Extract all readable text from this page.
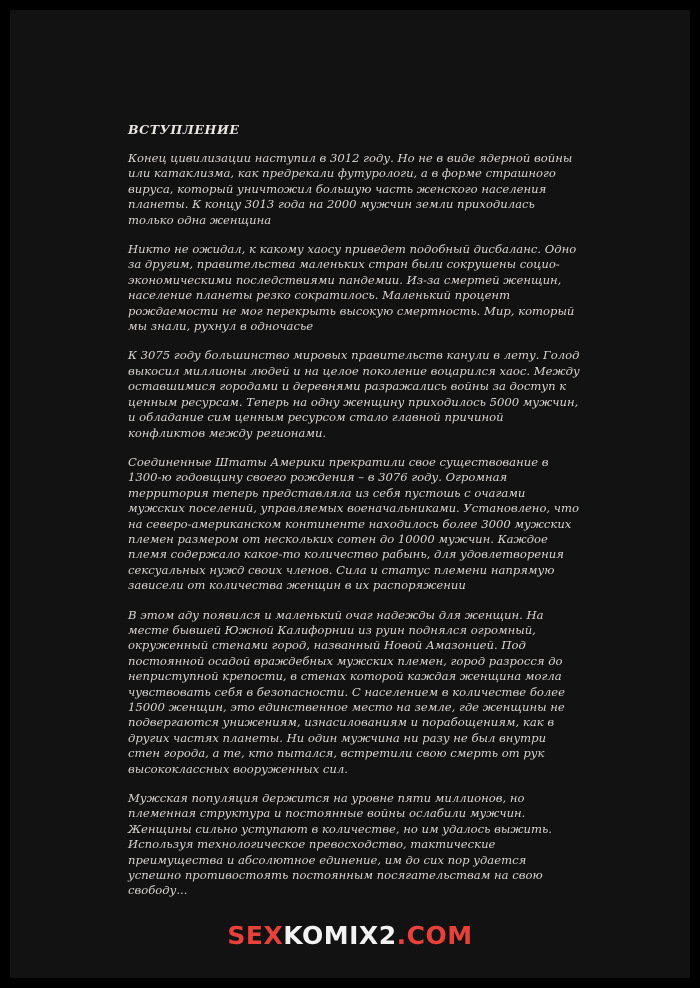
ВСТУПЛЕНИЕ

Конец цивилизации наступил в 3012 году. Но не в виде ядерной войны или катаклизма, как предрекали футурологи, а в форме страшного вируса, который уничтожил большую часть женского населения планеты. К концу 3013 года на 2000 мужчин земли приходилась только одна женщина

Никто не ожидал, к какому хаосу приведет подобный дисбаланс. Одно за другим, правительства маленьких стран были сокрушены социо-экономическими последствиями пандемии. Из-за смертей женщин, население планеты резко сократилось. Маленький процент рождаемости не мог перекрыть высокую смертность. Мир, который мы знали, рухнул в одночасье

К 3075 году большинство мировых правительств канули в лету. Голод выкосил миллионы людей и на целое поколение воцарился хаос. Между оставшимися городами и деревнями разражались войны за доступ к ценным ресурсам. Теперь на одну женщину приходилось 5000 мужчин, и обладание сим ценным ресурсом стало главной причиной конфликтов между регионами.

Соединенные Штаты Америки прекратили свое существование в 1300-ю годовщину своего рождения – в 3076 году. Огромная территория теперь представляла из себя пустошь с очагами мужских поселений, управляемых военачальниками. Установлено, что на северо-американском континенте находилось более 3000 мужских племен размером от нескольких сотен до 10000 мужчин. Каждое племя содержало какое-то количество рабынь, для удовлетворения сексуальных нужд своих членов. Сила и статус племени напрямую зависели от количества женщин в их распоряжении

В этом аду появился и маленький очаг надежды для женщин. На месте бывшей Южной Калифорнии из руин поднялся огромный, окруженный стенами город, названный Новой Амазонией. Под постоянной осадой враждебных мужских племен, город разросся до неприступной крепости, в стенах которой каждая женщина могла чувствовать себя в безопасности. С населением в количестве более 15000 женщин, это единственное место на земле, где женщины не подвергаются унижениям, изнасилованиям и порабощениям, как в других частях планеты. Ни один мужчина ни разу не был внутри стен города, а те, кто пытался, встретили свою смерть от рук высококлассных вооруженных сил.

Мужская популяция держится на уровне пяти миллионов, но племенная структура и постоянные войны ослабили мужчин. Женщины сильно уступают в количестве, но им удалось выжить. Используя технологическое превосходство, тактические преимущества и абсолютное единение, им до сих пор удается успешно противостоять постоянным посягательствам на свою свободу...

SEXKOMIX2.COM
